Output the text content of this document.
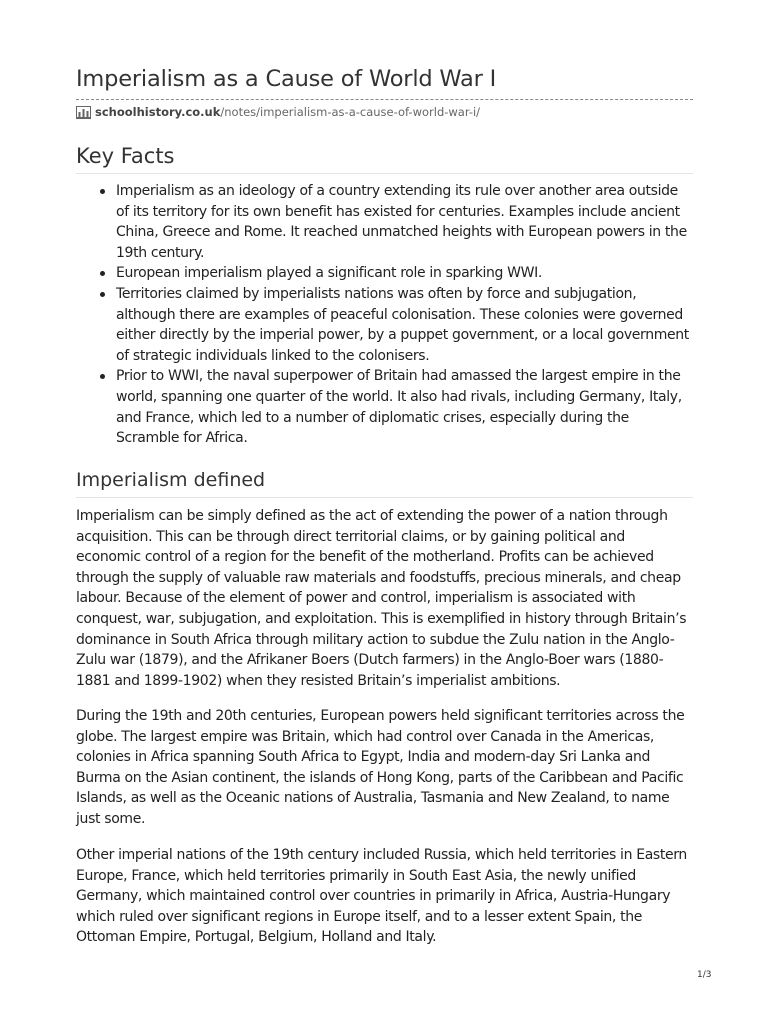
Imperialism as a Cause of World War I
schoolhistory.co.uk /notes/imperialism-as-a-cause-of-world-war-i/
Key Facts
Imperialism as an ideology of a country extending its rule over another area outside of its territory for its own benefit has existed for centuries. Examples include ancient China, Greece and Rome. It reached unmatched heights with European powers in the 19th century.
European imperialism played a significant role in sparking WWI.
Territories claimed by imperialists nations was often by force and subjugation, although there are examples of peaceful colonisation. These colonies were governed either directly by the imperial power, by a puppet government, or a local government of strategic individuals linked to the colonisers.
Prior to WWI, the naval superpower of Britain had amassed the largest empire in the world, spanning one quarter of the world. It also had rivals, including Germany, Italy, and France, which led to a number of diplomatic crises, especially during the Scramble for Africa.
Imperialism defined

Imperialism can be simply defined as the act of extending the power of a nation through acquisition. This can be through direct territorial claims, or by gaining political and economic control of a region for the benefit of the motherland. Profits can be achieved through the supply of valuable raw materials and foodstuffs, precious minerals, and cheap labour. Because of the element of power and control, imperialism is associated with conquest, war, subjugation, and exploitation. This is exemplified in history through Britain’s dominance in South Africa through military action to subdue the Zulu nation in the Anglo-Zulu war (1879), and the Afrikaner Boers (Dutch farmers) in the Anglo-Boer wars (1880-1881 and 1899-1902) when they resisted Britain’s imperialist ambitions.

During the 19th and 20th centuries, European powers held significant territories across the globe. The largest empire was Britain, which had control over Canada in the Americas, colonies in Africa spanning South Africa to Egypt, India and modern-day Sri Lanka and Burma on the Asian continent, the islands of Hong Kong, parts of the Caribbean and Pacific Islands, as well as the Oceanic nations of Australia, Tasmania and New Zealand, to name just some.

Other imperial nations of the 19th century included Russia, which held territories in Eastern Europe, France, which held territories primarily in South East Asia, the newly unified Germany, which maintained control over countries in primarily in Africa, Austria-Hungary which ruled over significant regions in Europe itself, and to a lesser extent Spain, the Ottoman Empire, Portugal, Belgium, Holland and Italy.

1/3
